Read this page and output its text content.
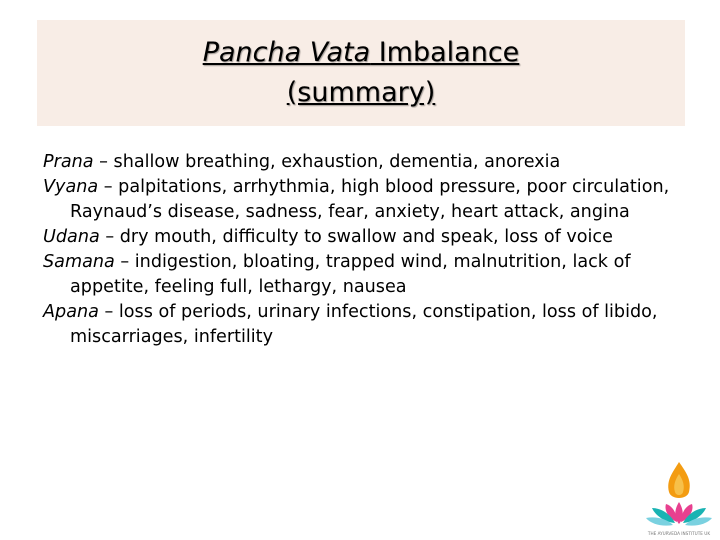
Pancha Vata Imbalance
(summary)

Prana – shallow breathing, exhaustion, dementia, anorexia

Vyana – palpitations, arrhythmia, high blood pressure, poor circulation, Raynaud’s disease, sadness, fear, anxiety, heart attack, angina

Udana – dry mouth, difficulty to swallow and speak, loss of voice

Samana – indigestion, bloating, trapped wind, malnutrition, lack of appetite, feeling full, lethargy, nausea

Apana – loss of periods, urinary infections, constipation, loss of libido, miscarriages, infertility

THE AYURVEDA INSTITUTE UK
